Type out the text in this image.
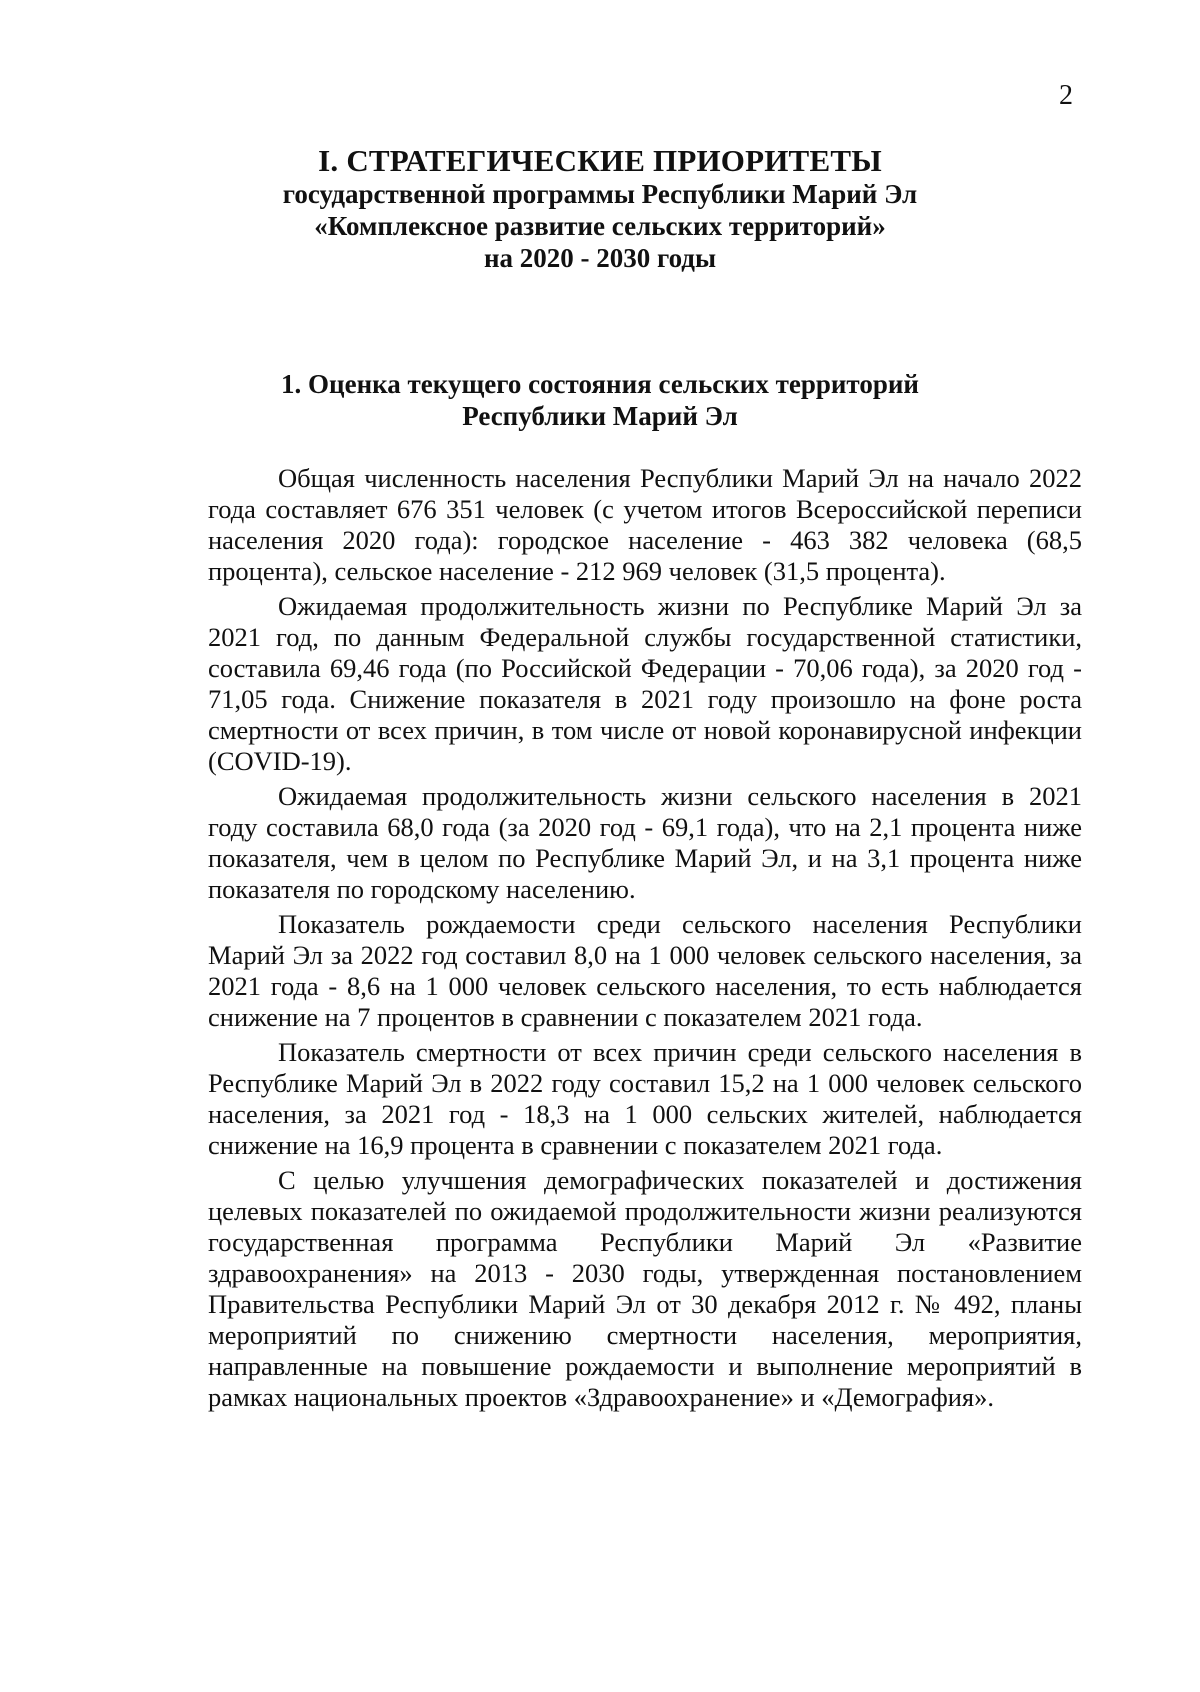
2
I. СТРАТЕГИЧЕСКИЕ ПРИОРИТЕТЫ
государственной программы Республики Марий Эл
«Комплексное развитие сельских территорий»
на 2020 - 2030 годы
1. Оценка текущего состояния сельских территорий
Республики Марий Эл

Общая численность населения Республики Марий Эл на начало 2022 года составляет 676 351 человек (с учетом итогов Всероссийской переписи населения 2020 года): городское население - 463 382 человека (68,5 процента), сельское население - 212 969 человек (31,5 процента).

Ожидаемая продолжительность жизни по Республике Марий Эл за 2021 год, по данным Федеральной службы государственной статистики, составила 69,46 года (по Российской Федерации - 70,06 года), за 2020 год - 71,05 года. Снижение показателя в 2021 году произошло на фоне роста смертности от всех причин, в том числе от новой коронавирусной инфекции (COVID-19).

Ожидаемая продолжительность жизни сельского населения в 2021 году составила 68,0 года (за 2020 год - 69,1 года), что на 2,1 процента ниже показателя, чем в целом по Республике Марий Эл, и на 3,1 процента ниже показателя по городскому населению.

Показатель рождаемости среди сельского населения Республики Марий Эл за 2022 год составил 8,0 на 1 000 человек сельского населения, за 2021 года - 8,6 на 1 000 человек сельского населения, то есть наблюдается снижение на 7 процентов в сравнении с показателем 2021 года.

Показатель смертности от всех причин среди сельского населения в Республике Марий Эл в 2022 году составил 15,2 на 1 000 человек сельского населения, за 2021 год - 18,3 на 1 000 сельских жителей, наблюдается снижение на 16,9 процента в сравнении с показателем 2021 года.

С целью улучшения демографических показателей и достижения целевых показателей по ожидаемой продолжительности жизни реализуются государственная программа Республики Марий Эл «Развитие здравоохранения» на 2013 - 2030 годы, утвержденная постановлением Правительства Республики Марий Эл от 30 декабря 2012 г. № 492, планы мероприятий по снижению смертности населения, мероприятия, направленные на повышение рождаемости и выполнение мероприятий в рамках национальных проектов «Здравоохранение» и «Демография».
